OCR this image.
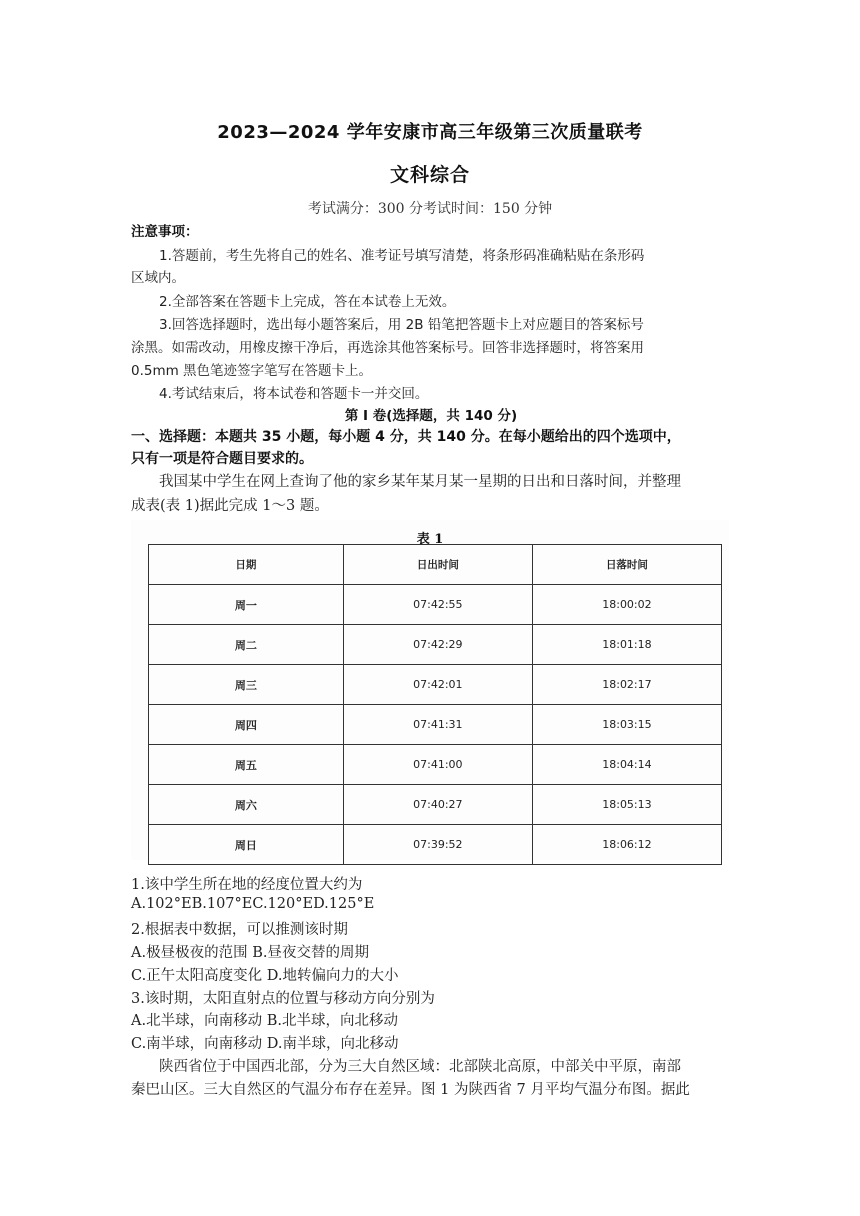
2023—2024 学年安康市高三年级第三次质量联考
文科综合
考试满分：300 分考试时间：150 分钟
注意事项：
1.答题前，考生先将自己的姓名、准考证号填写清楚，将条形码准确粘贴在条形码
区域内。
2.全部答案在答题卡上完成，答在本试卷上无效。
3.回答选择题时，选出每小题答案后，用 2B 铅笔把答题卡上对应题目的答案标号
涂黑。如需改动，用橡皮擦干净后，再选涂其他答案标号。回答非选择题时，将答案用
0.5mm 黑色笔迹签字笔写在答题卡上。
4.考试结束后，将本试卷和答题卡一并交回。
第 I 卷(选择题，共 140 分)
一、选择题：本题共 35 小题，每小题 4 分，共 140 分。在每小题给出的四个选项中，
只有一项是符合题目要求的。
我国某中学生在网上查询了他的家乡某年某月某一星期的日出和日落时间，并整理
成表(表 1)据此完成 1～3 题。
表 1
日期	日出时间	日落时间
周一	07:42:55	18:00:02
周二	07:42:29	18:01:18
周三	07:42:01	18:02:17
周四	07:41:31	18:03:15
周五	07:41:00	18:04:14
周六	07:40:27	18:05:13
周日	07:39:52	18:06:12
1.该中学生所在地的经度位置大约为
A.102°EB.107°EC.120°ED.125°E
2.根据表中数据，可以推测该时期
A.极昼极夜的范围 B.昼夜交替的周期
C.正午太阳高度变化 D.地转偏向力的大小
3.该时期，太阳直射点的位置与移动方向分别为
A.北半球，向南移动 B.北半球，向北移动
C.南半球，向南移动 D.南半球，向北移动
陕西省位于中国西北部，分为三大自然区域：北部陕北高原，中部关中平原，南部
秦巴山区。三大自然区的气温分布存在差异。图 1 为陕西省 7 月平均气温分布图。据此
